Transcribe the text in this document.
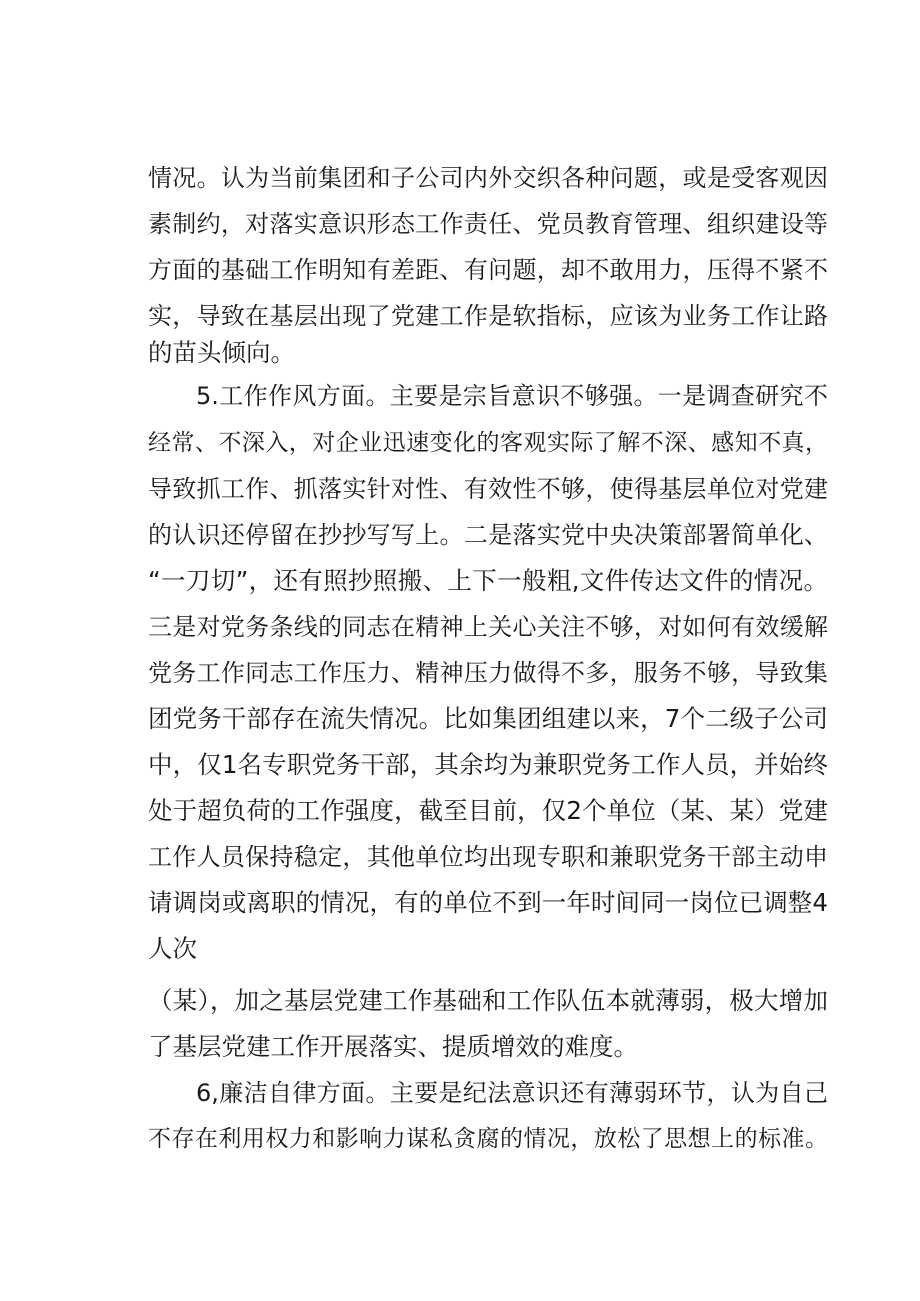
情况。认为当前集团和子公司内外交织各种问题，或是受客观因
素制约，对落实意识形态工作责任、党员教育管理、组织建设等
方面的基础工作明知有差距、有问题，却不敢用力，压得不紧不
实，导致在基层出现了党建工作是软指标，应该为业务工作让路
的苗头倾向。
5.工作作风方面。主要是宗旨意识不够强。一是调查研究不
经常、不深入，对企业迅速变化的客观实际了解不深、感知不真，
导致抓工作、抓落实针对性、有效性不够，使得基层单位对党建
的认识还停留在抄抄写写上。二是落实党中央决策部署简单化、
“一刀切”，还有照抄照搬、上下一般粗,文件传达文件的情况。
三是对党务条线的同志在精神上关心关注不够，对如何有效缓解
党务工作同志工作压力、精神压力做得不多，服务不够，导致集
团党务干部存在流失情况。比如集团组建以来，7个二级子公司
中，仅1名专职党务干部，其余均为兼职党务工作人员，并始终
处于超负荷的工作强度，截至目前，仅2个单位（某、某）党建
工作人员保持稳定，其他单位均出现专职和兼职党务干部主动申
请调岗或离职的情况，有的单位不到一年时间同一岗位已调整4
人次
（某），加之基层党建工作基础和工作队伍本就薄弱，极大增加
了基层党建工作开展落实、提质增效的难度。
6,廉洁自律方面。主要是纪法意识还有薄弱环节，认为自己
不存在利用权力和影响力谋私贪腐的情况，放松了思想上的标准。
